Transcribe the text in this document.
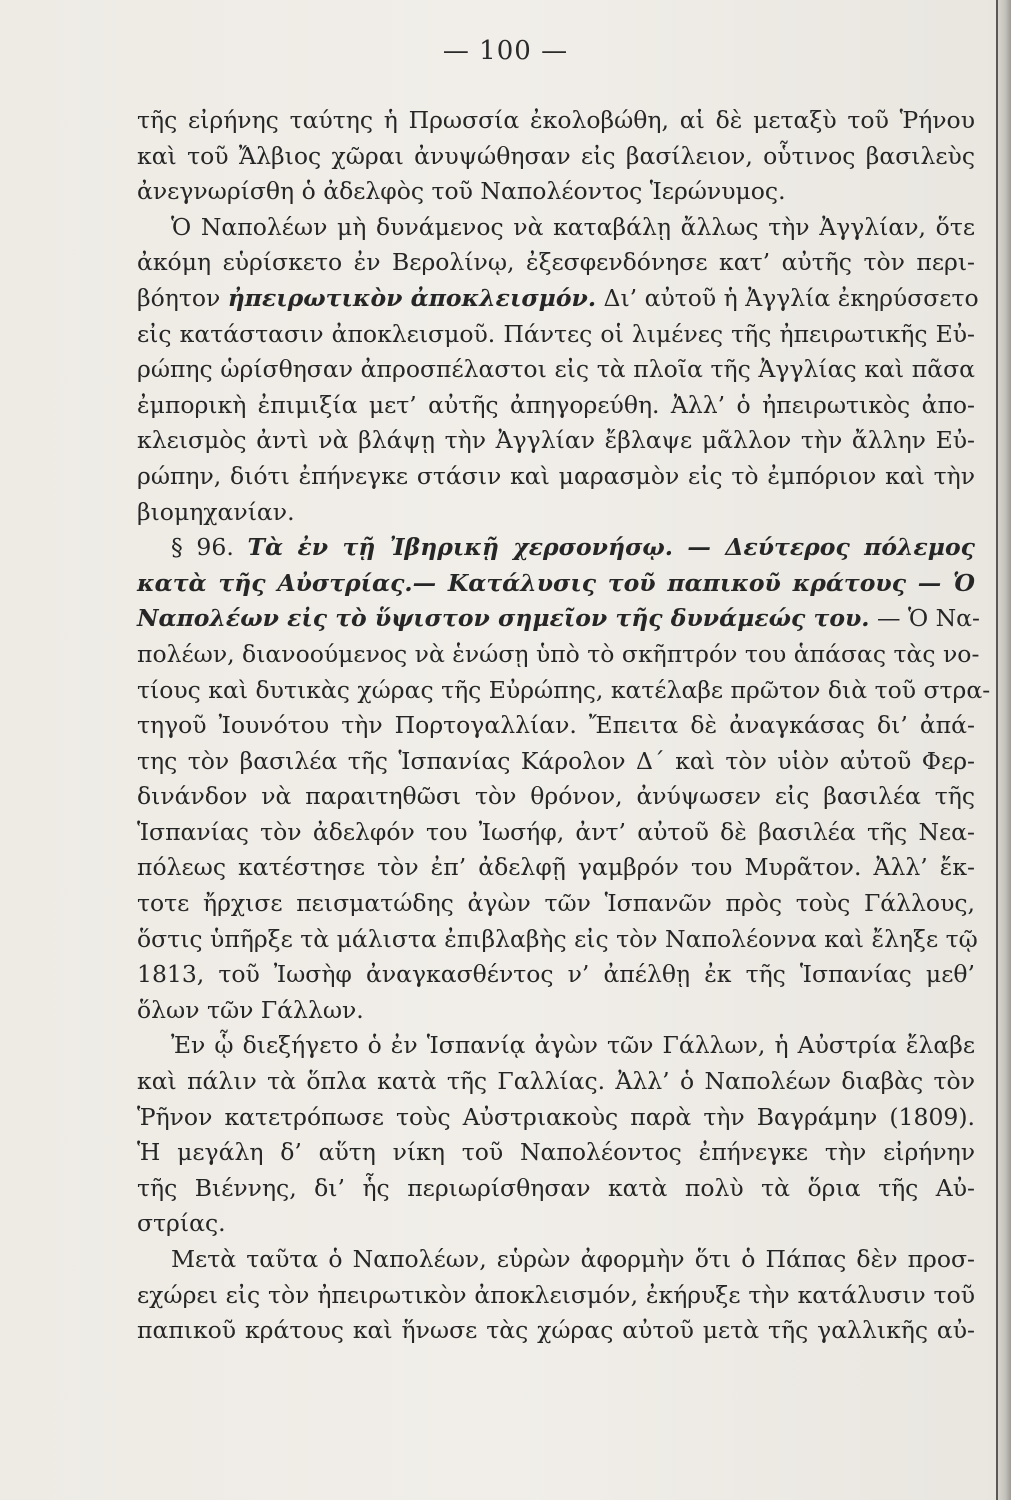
— 100 —
τῆς εἰρήνης ταύτης ἡ Πρωσσία ἐκολοβώθη, αἱ δὲ μεταξὺ τοῦ Ῥήνου
καὶ τοῦ Ἄλβιος χῶραι ἀνυψώθησαν εἰς βασίλειον, οὗτινος βασιλεὺς
ἀνεγνωρίσθη ὁ ἀδελφὸς τοῦ Ναπολέοντος Ἱερώνυμος.
Ὁ Ναπολέων μὴ δυνάμενος νὰ καταβάλῃ ἄλλως τὴν Ἀγγλίαν, ὅτε
ἀκόμη εὑρίσκετο ἐν Βερολίνῳ, ἐξεσφενδόνησε κατ’ αὐτῆς τὸν περι-
βόητον ἠπειρωτικὸν ἀποκλεισμόν. Δι’ αὐτοῦ ἡ Ἀγγλία ἐκηρύσσετο
εἰς κατάστασιν ἀποκλεισμοῦ. Πάντες οἱ λιμένες τῆς ἠπειρωτικῆς Εὐ-
ρώπης ὡρίσθησαν ἀπροσπέλαστοι εἰς τὰ πλοῖα τῆς Ἀγγλίας καὶ πᾶσα
ἐμπορικὴ ἐπιμιξία μετ’ αὐτῆς ἀπηγορεύθη. Ἀλλ’ ὁ ἠπειρωτικὸς ἀπο-
κλεισμὸς ἀντὶ νὰ βλάψῃ τὴν Ἀγγλίαν ἔβλαψε μᾶλλον τὴν ἄλλην Εὐ-
ρώπην, διότι ἐπήνεγκε στάσιν καὶ μαρασμὸν εἰς τὸ ἐμπόριον καὶ τὴν
βιομηχανίαν.
§ 96. Τὰ ἐν τῇ Ἰβηρικῇ χερσονήσῳ. — Δεύτερος πόλεμος
κατὰ τῆς Αὐστρίας.— Κατάλυσις τοῦ παπικοῦ κράτους — Ὁ
Ναπολέων εἰς τὸ ὕψιστον σημεῖον τῆς δυνάμεώς του. — Ὁ Να-
πολέων, διανοούμενος νὰ ἑνώσῃ ὑπὸ τὸ σκῆπτρόν του ἁπάσας τὰς νο-
τίους καὶ δυτικὰς χώρας τῆς Εὐρώπης, κατέλαβε πρῶτον διὰ τοῦ στρα-
τηγοῦ Ἰουνότου τὴν Πορτογαλλίαν. Ἔπειτα δὲ ἀναγκάσας δι’ ἀπά-
της τὸν βασιλέα τῆς Ἱσπανίας Κάρολον Δ΄ καὶ τὸν υἱὸν αὐτοῦ Φερ-
δινάνδον νὰ παραιτηθῶσι τὸν θρόνον, ἀνύψωσεν εἰς βασιλέα τῆς
Ἱσπανίας τὸν ἀδελφόν του Ἰωσήφ, ἀντ’ αὐτοῦ δὲ βασιλέα τῆς Νεα-
πόλεως κατέστησε τὸν ἐπ’ ἀδελφῇ γαμβρόν του Μυρᾶτον. Ἀλλ’ ἔκ-
τοτε ἤρχισε πεισματώδης ἀγὼν τῶν Ἱσπανῶν πρὸς τοὺς Γάλλους,
ὅστις ὑπῆρξε τὰ μάλιστα ἐπιβλαβὴς εἰς τὸν Ναπολέοννα καὶ ἔληξε τῷ
1813, τοῦ Ἰωσὴφ ἀναγκασθέντος ν’ ἀπέλθῃ ἐκ τῆς Ἱσπανίας μεθ’
ὅλων τῶν Γάλλων.
Ἐν ᾧ διεξήγετο ὁ ἐν Ἱσπανίᾳ ἀγὼν τῶν Γάλλων, ἡ Αὐστρία ἔλαβε
καὶ πάλιν τὰ ὅπλα κατὰ τῆς Γαλλίας. Ἀλλ’ ὁ Ναπολέων διαβὰς τὸν
Ῥῆνον κατετρόπωσε τοὺς Αὐστριακοὺς παρὰ τὴν Βαγράμην (1809).
Ἡ μεγάλη δ’ αὕτη νίκη τοῦ Ναπολέοντος ἐπήνεγκε τὴν εἰρήνην
τῆς Βιέννης, δι’ ἧς περιωρίσθησαν κατὰ πολὺ τὰ ὅρια τῆς Αὐ-
στρίας.
Μετὰ ταῦτα ὁ Ναπολέων, εὑρὼν ἀφορμὴν ὅτι ὁ Πάπας δὲν προσ-
εχώρει εἰς τὸν ἠπειρωτικὸν ἀποκλεισμόν, ἐκήρυξε τὴν κατάλυσιν τοῦ
παπικοῦ κράτους καὶ ἥνωσε τὰς χώρας αὐτοῦ μετὰ τῆς γαλλικῆς αὐ-
